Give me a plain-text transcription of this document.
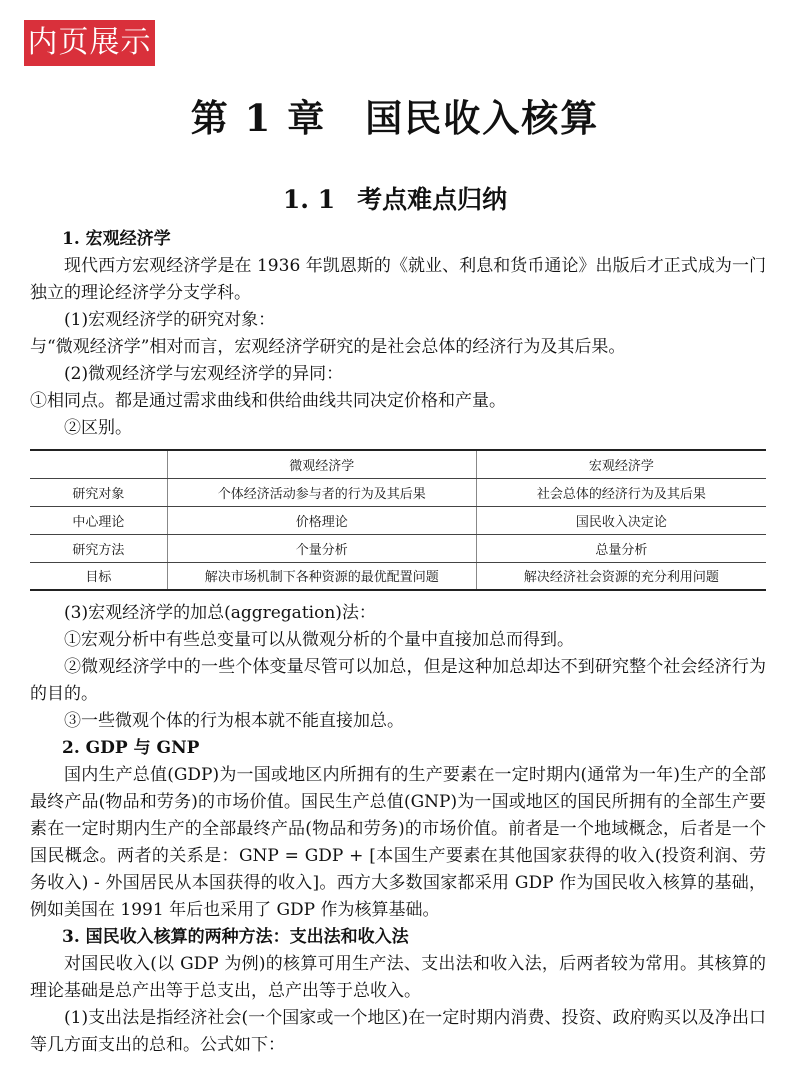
内页展示
第 1 章　国民收入核算
1. 1 考点难点归纳
1. 宏观经济学

现代西方宏观经济学是在 1936 年凯恩斯的《就业、利息和货币通论》出版后才正式成为一门独立的理论经济学分支学科。

(1)宏观经济学的研究对象：

与“微观经济学”相对而言，宏观经济学研究的是社会总体的经济行为及其后果。

(2)微观经济学与宏观经济学的异同：

①相同点。都是通过需求曲线和供给曲线共同决定价格和产量。

②区别。

	微观经济学	宏观经济学
研究对象	个体经济活动参与者的行为及其后果	社会总体的经济行为及其后果
中心理论	价格理论	国民收入决定论
研究方法	个量分析	总量分析
目标	解决市场机制下各种资源的最优配置问题	解决经济社会资源的充分利用问题

(3)宏观经济学的加总(aggregation)法：

①宏观分析中有些总变量可以从微观分析的个量中直接加总而得到。

②微观经济学中的一些个体变量尽管可以加总，但是这种加总却达不到研究整个社会经济行为的目的。

③一些微观个体的行为根本就不能直接加总。

2. GDP 与 GNP

国内生产总值(GDP)为一国或地区内所拥有的生产要素在一定时期内(通常为一年)生产的全部最终产品(物品和劳务)的市场价值。国民生产总值(GNP)为一国或地区的国民所拥有的全部生产要素在一定时期内生产的全部最终产品(物品和劳务)的市场价值。前者是一个地域概念，后者是一个国民概念。两者的关系是：GNP = GDP + [本国生产要素在其他国家获得的收入(投资利润、劳务收入) - 外国居民从本国获得的收入]。西方大多数国家都采用 GDP 作为国民收入核算的基础，例如美国在 1991 年后也采用了 GDP 作为核算基础。

3. 国民收入核算的两种方法：支出法和收入法

对国民收入(以 GDP 为例)的核算可用生产法、支出法和收入法，后两者较为常用。其核算的理论基础是总产出等于总支出，总产出等于总收入。

(1)支出法是指经济社会(一个国家或一个地区)在一定时期内消费、投资、政府购买以及净出口等几方面支出的总和。公式如下：
